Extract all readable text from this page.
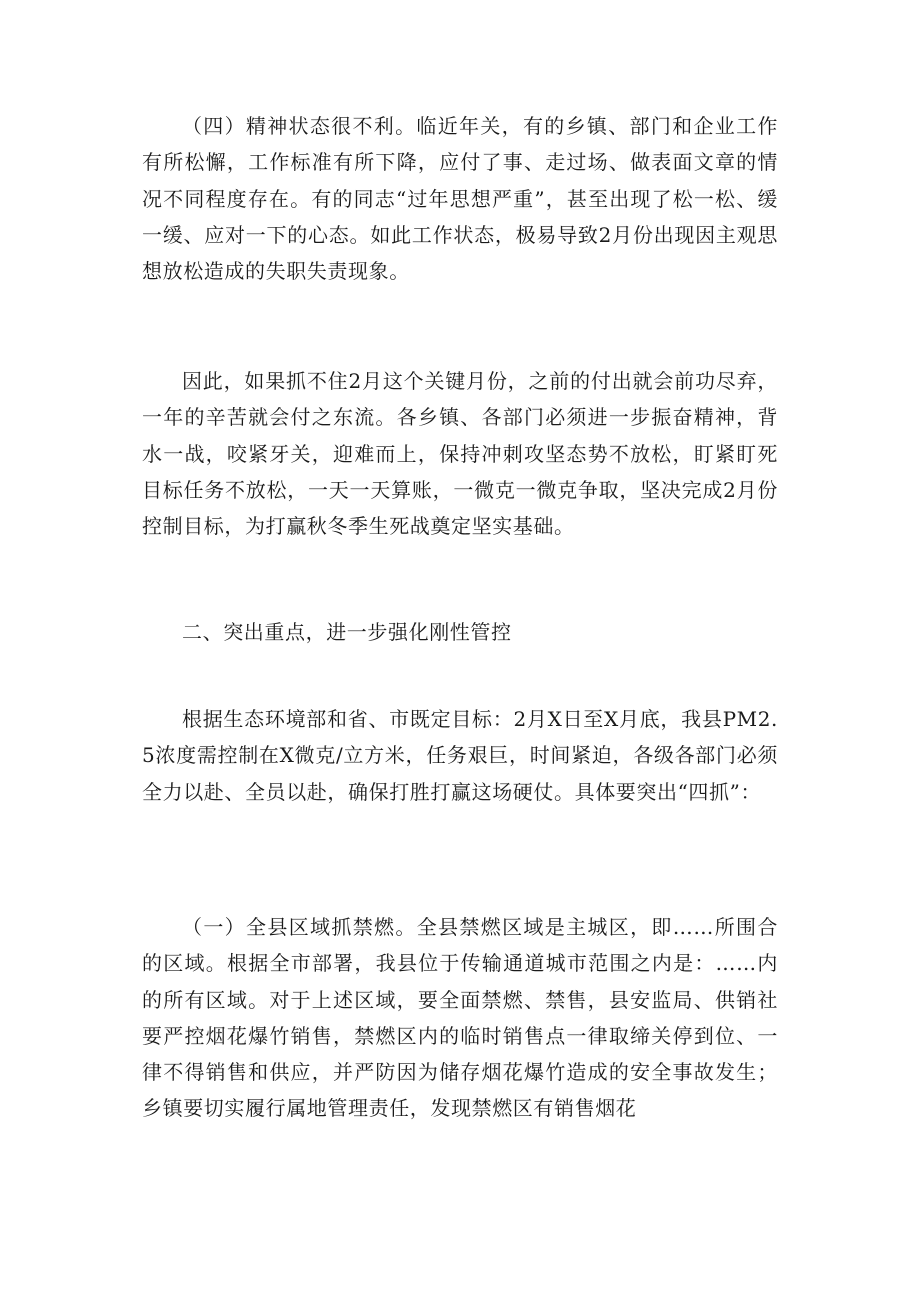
（四）精神状态很不利。临近年关，有的乡镇、部门和企业工作有所松懈，工作标准有所下降，应付了事、走过场、做表面文章的情况不同程度存在。有的同志“过年思想严重”，甚至出现了松一松、缓一缓、应对一下的心态。如此工作状态，极易导致2月份出现因主观思想放松造成的失职失责现象。

因此，如果抓不住2月这个关键月份，之前的付出就会前功尽弃，一年的辛苦就会付之东流。各乡镇、各部门必须进一步振奋精神，背水一战，咬紧牙关，迎难而上，保持冲刺攻坚态势不放松，盯紧盯死目标任务不放松，一天一天算账，一微克一微克争取，坚决完成2月份控制目标，为打赢秋冬季生死战奠定坚实基础。

二、突出重点，进一步强化刚性管控

根据生态环境部和省、市既定目标：2月X日至X月底，我县PM2.5浓度需控制在X微克/立方米，任务艰巨，时间紧迫，各级各部门必须全力以赴、全员以赴，确保打胜打赢这场硬仗。具体要突出“四抓”：

（一）全县区域抓禁燃。全县禁燃区域是主城区，即……所围合的区域。根据全市部署，我县位于传输通道城市范围之内是：……内的所有区域。对于上述区域，要全面禁燃、禁售，县安监局、供销社要严控烟花爆竹销售，禁燃区内的临时销售点一律取缔关停到位、一律不得销售和供应，并严防因为储存烟花爆竹造成的安全事故发生；乡镇要切实履行属地管理责任，发现禁燃区有销售烟花
